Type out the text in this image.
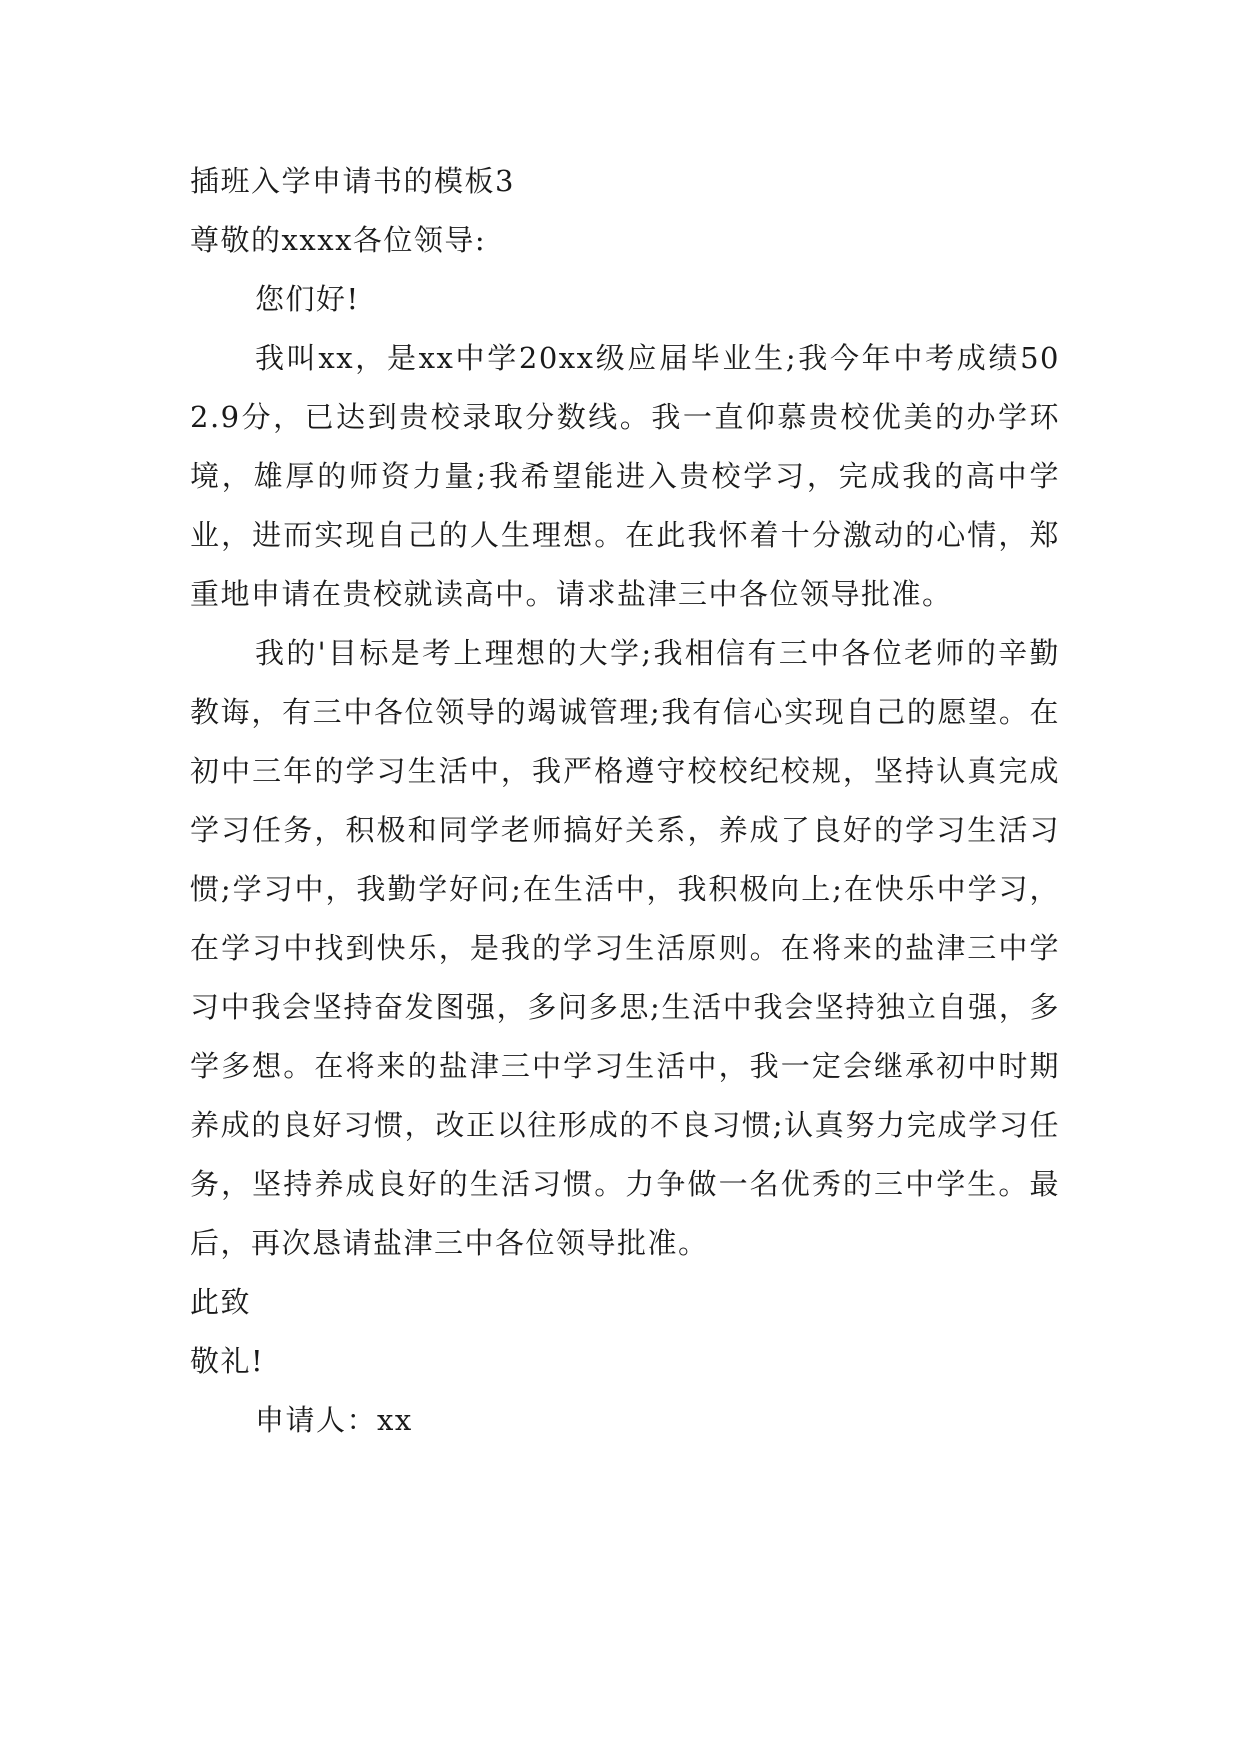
插班入学申请书的模板3
尊敬的xxxx各位领导:
您们好!

我叫xx，是xx中学20xx级应届毕业生;我今年中考成绩502.9分，已达到贵校录取分数线。我一直仰慕贵校优美的办学环境，雄厚的师资力量;我希望能进入贵校学习，完成我的高中学业，进而实现自己的人生理想。在此我怀着十分激动的心情，郑重地申请在贵校就读高中。请求盐津三中各位领导批准。

我的'目标是考上理想的大学;我相信有三中各位老师的辛勤教诲，有三中各位领导的竭诚管理;我有信心实现自己的愿望。在初中三年的学习生活中，我严格遵守校校纪校规，坚持认真完成学习任务，积极和同学老师搞好关系，养成了良好的学习生活习惯;学习中，我勤学好问;在生活中，我积极向上;在快乐中学习，在学习中找到快乐，是我的学习生活原则。在将来的盐津三中学习中我会坚持奋发图强，多问多思;生活中我会坚持独立自强，多学多想。在将来的盐津三中学习生活中，我一定会继承初中时期养成的良好习惯，改正以往形成的不良习惯;认真努力完成学习任务，坚持养成良好的生活习惯。力争做一名优秀的三中学生。最后，再次恳请盐津三中各位领导批准。

此致
敬礼!
申请人：xx
